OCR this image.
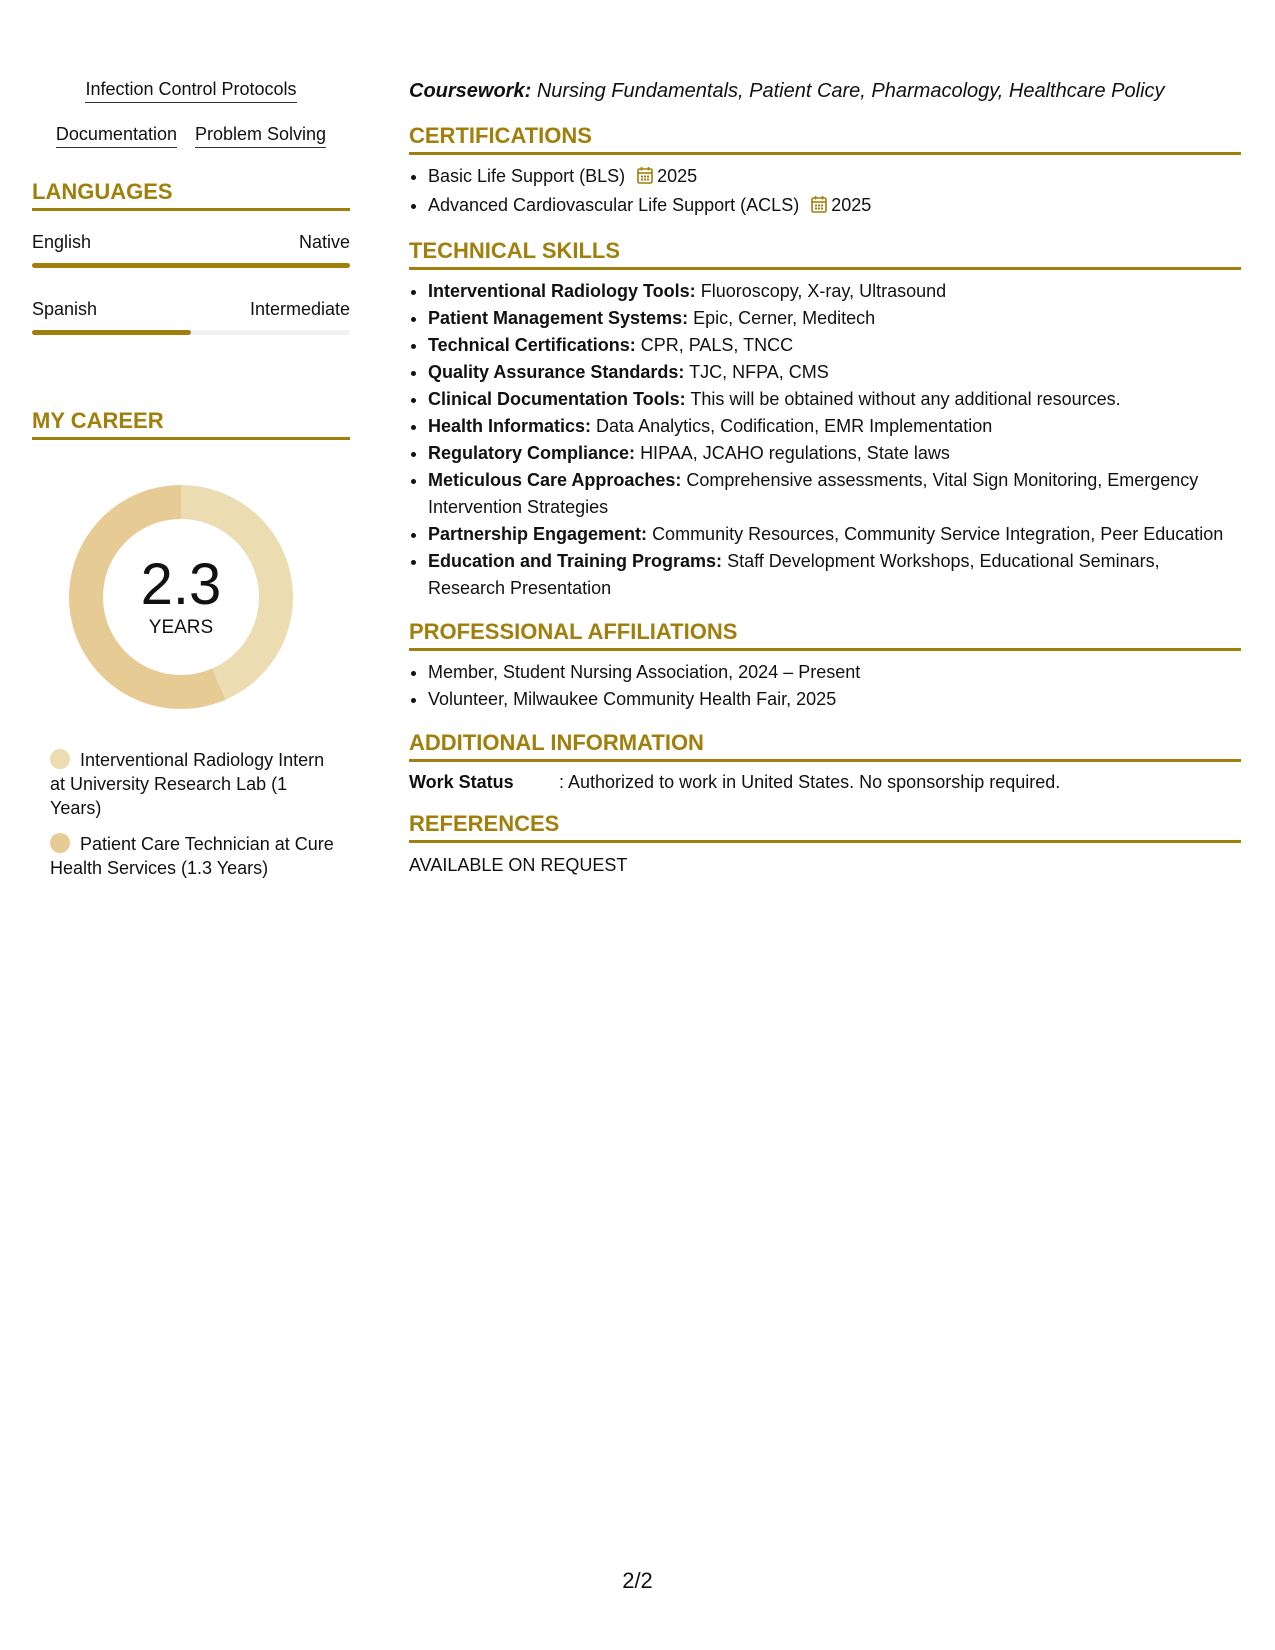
Infection Control Protocols
Documentation Problem Solving
LANGUAGES
English	Native
Spanish	Intermediate
MY CAREER
2.3
YEARS
Interventional Radiology Intern at University Research Lab (1 Years)
Patient Care Technician at Cure Health Services (1.3 Years)
Coursework: Nursing Fundamentals, Patient Care, Pharmacology, Healthcare Policy
CERTIFICATIONS
• Basic Life Support (BLS) 2025
• Advanced Cardiovascular Life Support (ACLS) 2025
TECHNICAL SKILLS
• Interventional Radiology Tools: Fluoroscopy, X-ray, Ultrasound
• Patient Management Systems: Epic, Cerner, Meditech
• Technical Certifications: CPR, PALS, TNCC
• Quality Assurance Standards: TJC, NFPA, CMS
• Clinical Documentation Tools: This will be obtained without any additional resources.
• Health Informatics: Data Analytics, Codification, EMR Implementation
• Regulatory Compliance: HIPAA, JCAHO regulations, State laws
• Meticulous Care Approaches: Comprehensive assessments, Vital Sign Monitoring, Emergency Intervention Strategies
• Partnership Engagement: Community Resources, Community Service Integration, Peer Education
• Education and Training Programs: Staff Development Workshops, Educational Seminars, Research Presentation
PROFESSIONAL AFFILIATIONS
• Member, Student Nursing Association, 2024 – Present
• Volunteer, Milwaukee Community Health Fair, 2025
ADDITIONAL INFORMATION
Work Status	: Authorized to work in United States. No sponsorship required.
REFERENCES
AVAILABLE ON REQUEST
2/2
